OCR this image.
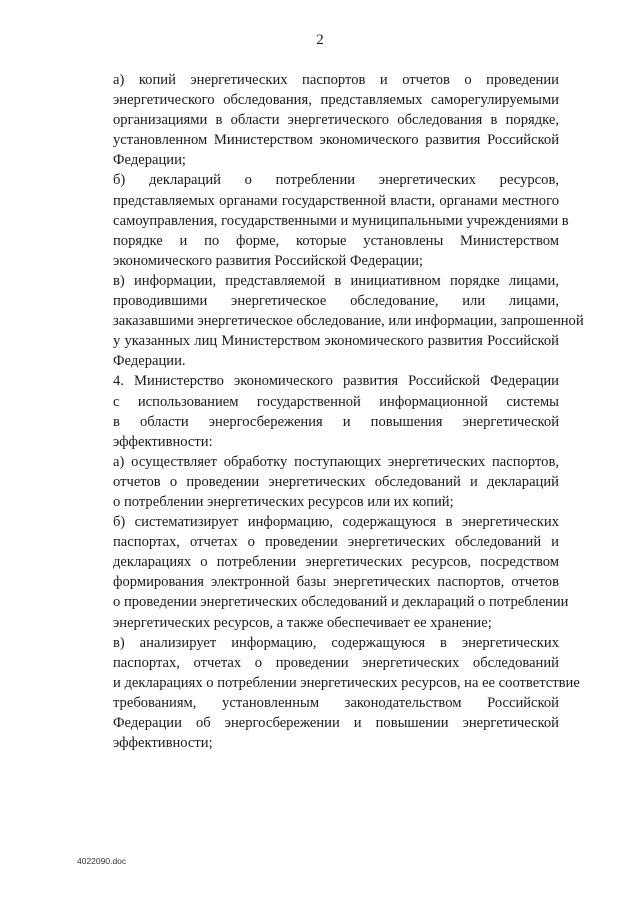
2

а) копий энергетических паспортов и отчетов о проведении
энергетического обследования, представляемых саморегулируемыми
организациями в области энергетического обследования в порядке,
установленном Министерством экономического развития Российской
Федерации;

б) деклараций о потреблении энергетических ресурсов,
представляемых органами государственной власти, органами местного
самоуправления, государственными и муниципальными учреждениями в
порядке и по форме, которые установлены Министерством
экономического развития Российской Федерации;

в) информации, представляемой в инициативном порядке лицами,
проводившими энергетическое обследование, или лицами,
заказавшими энергетическое обследование, или информации, запрошенной
у указанных лиц Министерством экономического развития Российской
Федерации.

4. Министерство экономического развития Российской Федерации
с использованием государственной информационной системы
в области энергосбережения и повышения энергетической
эффективности:

а) осуществляет обработку поступающих энергетических паспортов,
отчетов о проведении энергетических обследований и деклараций
о потреблении энергетических ресурсов или их копий;

б) систематизирует информацию, содержащуюся в энергетических
паспортах, отчетах о проведении энергетических обследований и
декларациях о потреблении энергетических ресурсов, посредством
формирования электронной базы энергетических паспортов, отчетов
о проведении энергетических обследований и деклараций о потреблении
энергетических ресурсов, а также обеспечивает ее хранение;

в) анализирует информацию, содержащуюся в энергетических
паспортах, отчетах о проведении энергетических обследований
и декларациях о потреблении энергетических ресурсов, на ее соответствие
требованиям, установленным законодательством Российской
Федерации об энергосбережении и повышении энергетической
эффективности;

4022090.doc
